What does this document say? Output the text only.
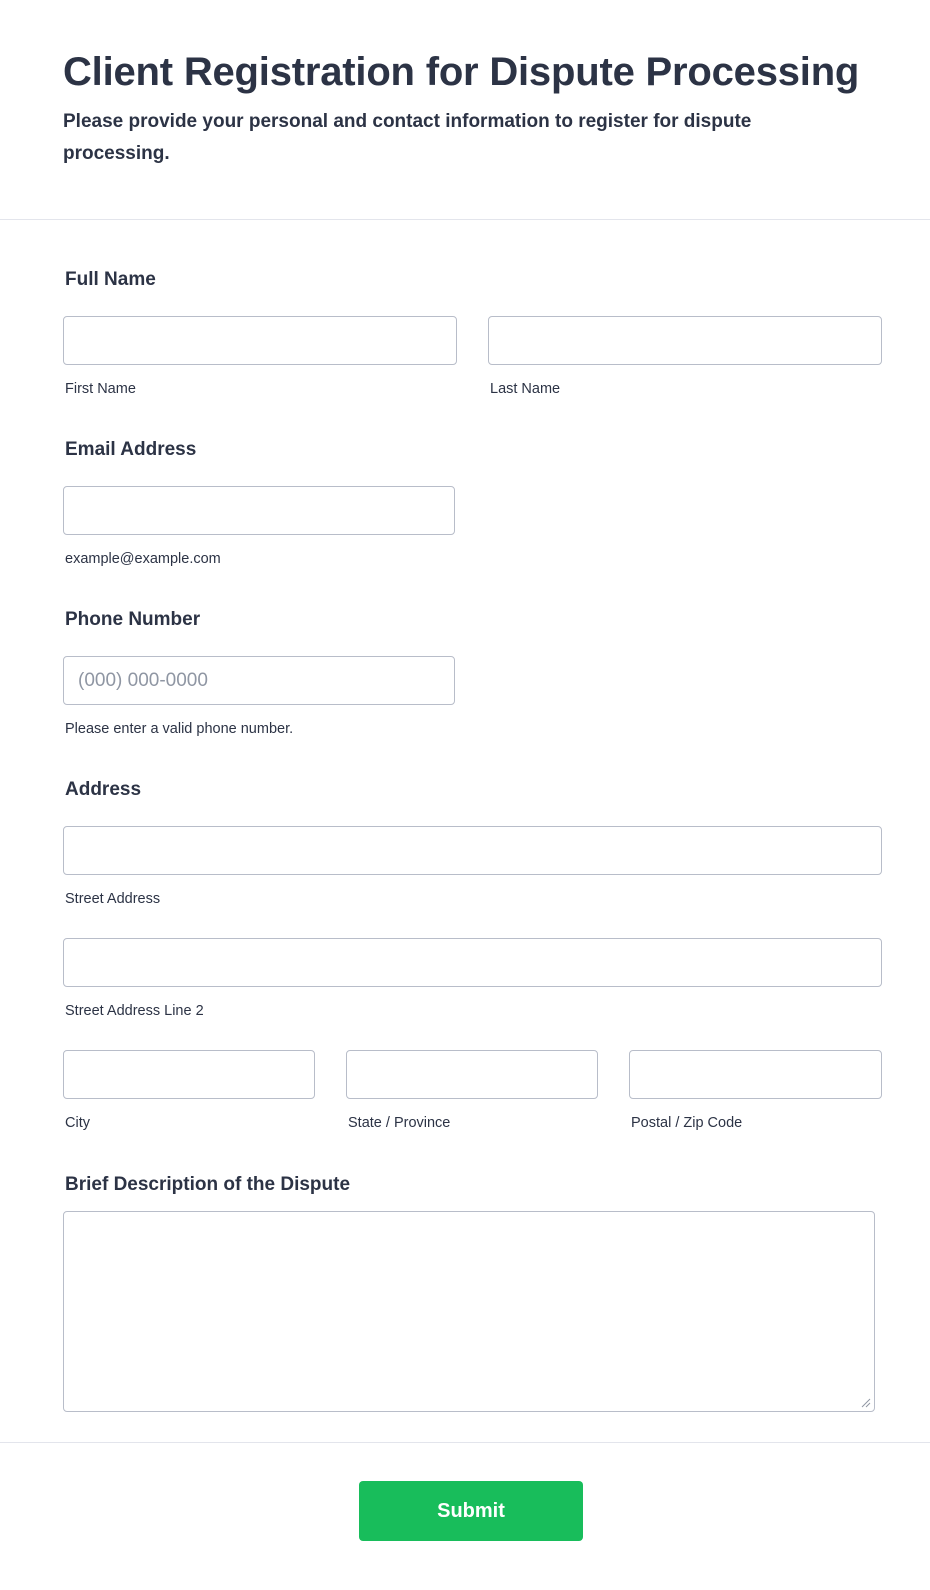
Client Registration for Dispute Processing

Please provide your personal and contact information to register for dispute processing.

Full Name
First Name	Last Name
Email Address
example@example.com
Phone Number
(000) 000-0000
Please enter a valid phone number.
Address
Street Address
Street Address Line 2
City	State / Province	Postal / Zip Code
Brief Description of the Dispute
Submit
